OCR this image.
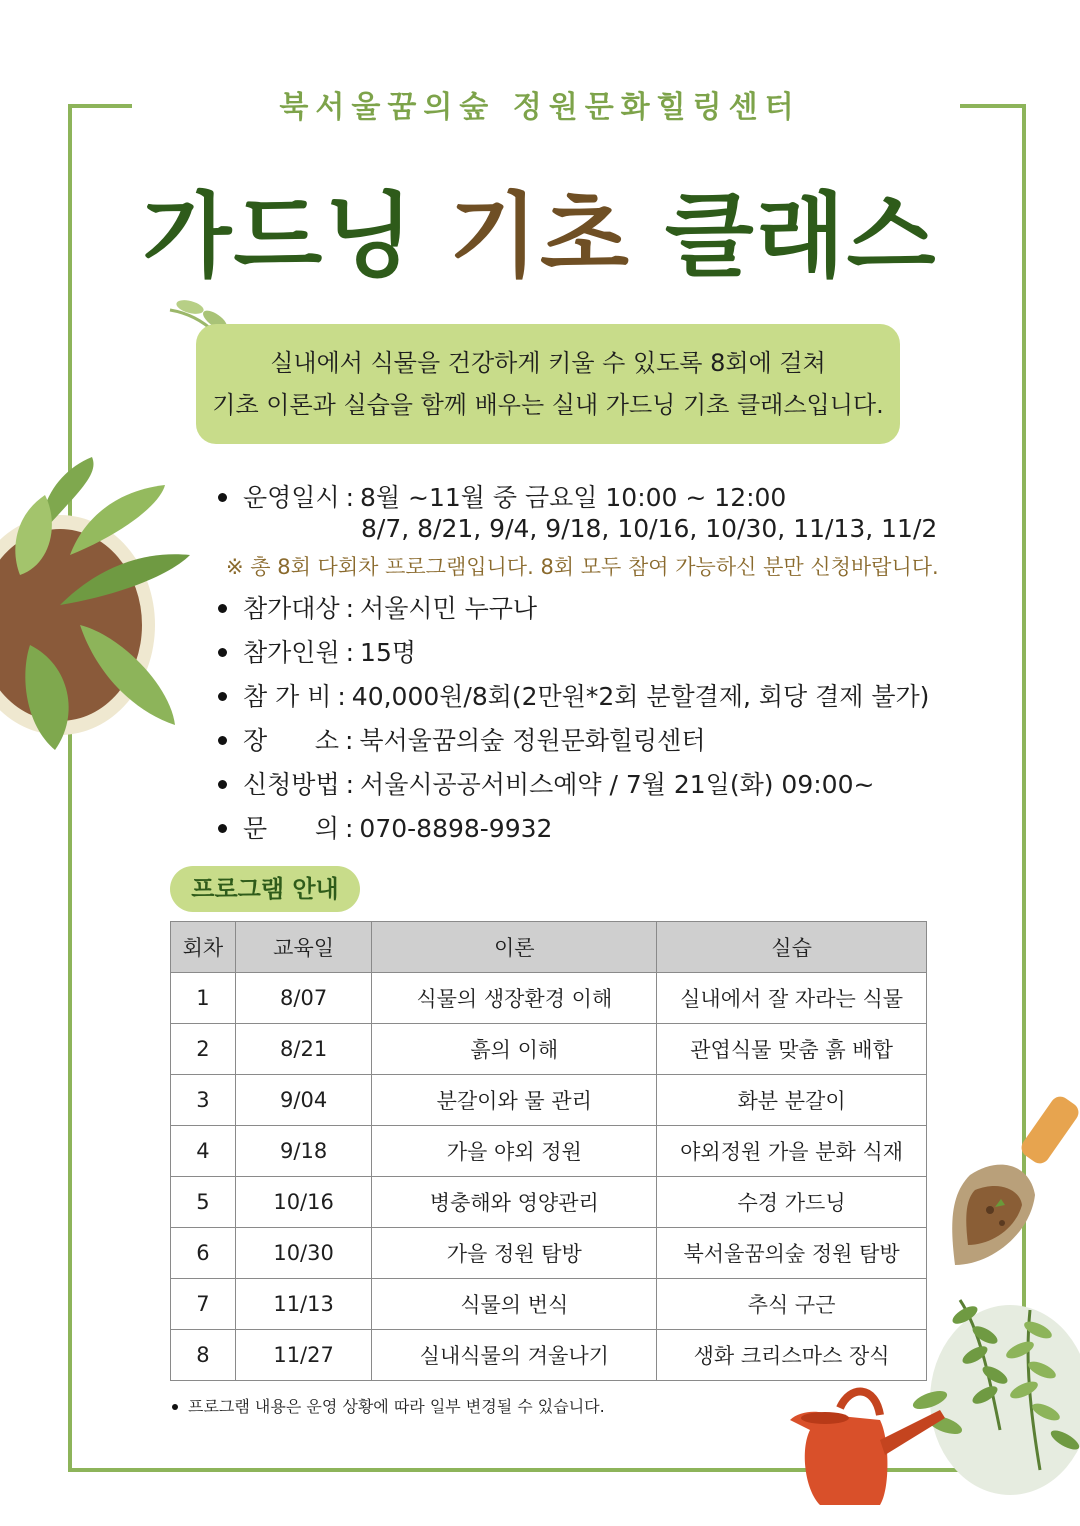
북서울꿈의숲 정원문화힐링센터
가드닝 기초 클래스
실내에서 식물을 건강하게 키울 수 있도록 8회에 걸쳐
기초 이론과 실습을 함께 배우는 실내 가드닝 기초 클래스입니다.
운영일시 : 8월 ~11월 중 금요일 10:00 ~ 12:00
8/7, 8/21, 9/4, 9/18, 10/16, 10/30, 11/13, 11/2
※ 총 8회 다회차 프로그램입니다. 8회 모두 참여 가능하신 분만 신청바랍니다.
참가대상 : 서울시민 누구나
참가인원 : 15명
참 가 비 : 40,000원/8회(2만원*2회 분할결제, 회당 결제 불가)
장      소 : 북서울꿈의숲 정원문화힐링센터
신청방법 : 서울시공공서비스예약 / 7월 21일(화) 09:00~
문      의 : 070-8898-9932
프로그램 안내
회차	교육일	이론	실습
1	8/07	식물의 생장환경 이해	실내에서 잘 자라는 식물
2	8/21	흙의 이해	관엽식물 맞춤 흙 배합
3	9/04	분갈이와 물 관리	화분 분갈이
4	9/18	가을 야외 정원	야외정원 가을 분화 식재
5	10/16	병충해와 영양관리	수경 가드닝
6	10/30	가을 정원 탐방	북서울꿈의숲 정원 탐방
7	11/13	식물의 번식	추식 구근
8	11/27	실내식물의 겨울나기	생화 크리스마스 장식
프로그램 내용은 운영 상황에 따라 일부 변경될 수 있습니다.
